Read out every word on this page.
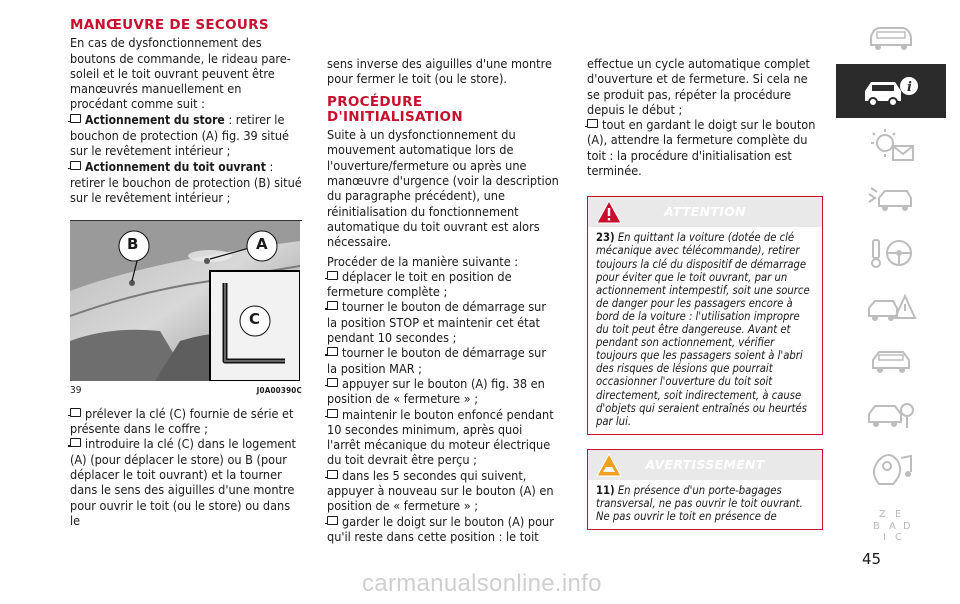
MANŒUVRE DE SECOURS

En cas de dysfonctionnement des boutons de commande, le rideau pare-soleil et le toit ouvrant peuvent être manœuvrés manuellement en procédant comme suit :

Actionnement du store : retirer le bouchon de protection (A) fig. 39 situé sur le revêtement intérieur ;

Actionnement du toit ouvrant : retirer le bouchon de protection (B) situé sur le revêtement intérieur ;

B	A
C
39	J0A00390C

prélever la clé (C) fournie de série et présente dans le coffre ;

introduire la clé (C) dans le logement (A) (pour déplacer le store) ou B (pour déplacer le toit ouvrant) et la tourner dans le sens des aiguilles d'une montre pour ouvrir le toit (ou le store) ou dans le

sens inverse des aiguilles d'une montre pour fermer le toit (ou le store).

PROCÉDURE D'INITIALISATION

Suite à un dysfonctionnement du mouvement automatique lors de l'ouverture/fermeture ou après une manœuvre d'urgence (voir la description du paragraphe précédent), une réinitialisation du fonctionnement automatique du toit ouvrant est alors nécessaire.

Procéder de la manière suivante :

déplacer le toit en position de fermeture complète ;

tourner le bouton de démarrage sur la position STOP et maintenir cet état pendant 10 secondes ;

tourner le bouton de démarrage sur la position MAR ;

appuyer sur le bouton (A) fig. 38 en position de « fermeture » ;

maintenir le bouton enfoncé pendant 10 secondes minimum, après quoi l'arrêt mécanique du moteur électrique du toit devrait être perçu ;

dans les 5 secondes qui suivent, appuyer à nouveau sur le bouton (A) en position de « fermeture » ;

garder le doigt sur le bouton (A) pour qu'il reste dans cette position : le toit

effectue un cycle automatique complet d'ouverture et de fermeture. Si cela ne se produit pas, répéter la procédure depuis le début ;

tout en gardant le doigt sur le bouton (A), attendre la fermeture complète du toit : la procédure d'initialisation est terminée.

ATTENTION
23) En quittant la voiture (dotée de clé mécanique avec télécommande), retirer toujours la clé du dispositif de démarrage pour éviter que le toit ouvrant, par un actionnement intempestif, soit une source de danger pour les passagers encore à bord de la voiture : l'utilisation impropre du toit peut être dangereuse. Avant et pendant son actionnement, vérifier toujours que les passagers soient à l'abri des risques de lésions que pourrait occasionner l'ouverture du toit soit directement, soit indirectement, à cause d'objets qui seraient entraînés ou heurtés par lui.
AVERTISSEMENT
11) En présence d'un porte-bagages transversal, ne pas ouvrir le toit ouvrant. Ne pas ouvrir le toit en présence de
i
Z E
B A D
I C
45
carmanualsonline.info
